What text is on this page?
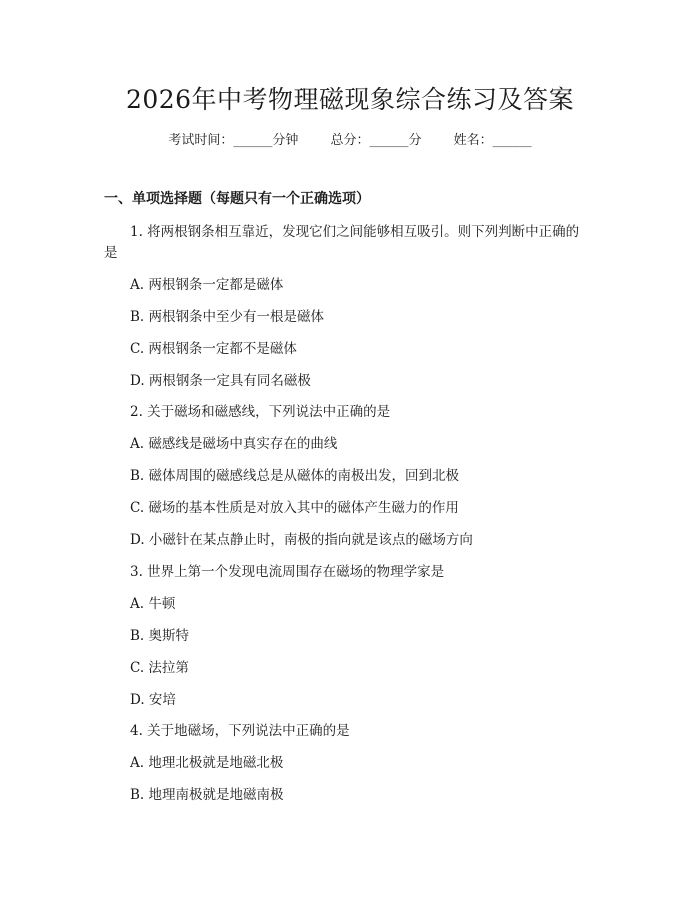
2026年中考物理磁现象综合练习及答案
考试时间：______分钟 总分：______分 姓名：______
一、单项选择题（每题只有一个正确选项）
1. 将两根钢条相互靠近，发现它们之间能够相互吸引。则下列判断中正确的
是
A. 两根钢条一定都是磁体
B. 两根钢条中至少有一根是磁体
C. 两根钢条一定都不是磁体
D. 两根钢条一定具有同名磁极
2. 关于磁场和磁感线，下列说法中正确的是
A. 磁感线是磁场中真实存在的曲线
B. 磁体周围的磁感线总是从磁体的南极出发，回到北极
C. 磁场的基本性质是对放入其中的磁体产生磁力的作用
D. 小磁针在某点静止时，南极的指向就是该点的磁场方向
3. 世界上第一个发现电流周围存在磁场的物理学家是
A. 牛顿
B. 奥斯特
C. 法拉第
D. 安培
4. 关于地磁场，下列说法中正确的是
A. 地理北极就是地磁北极
B. 地理南极就是地磁南极
